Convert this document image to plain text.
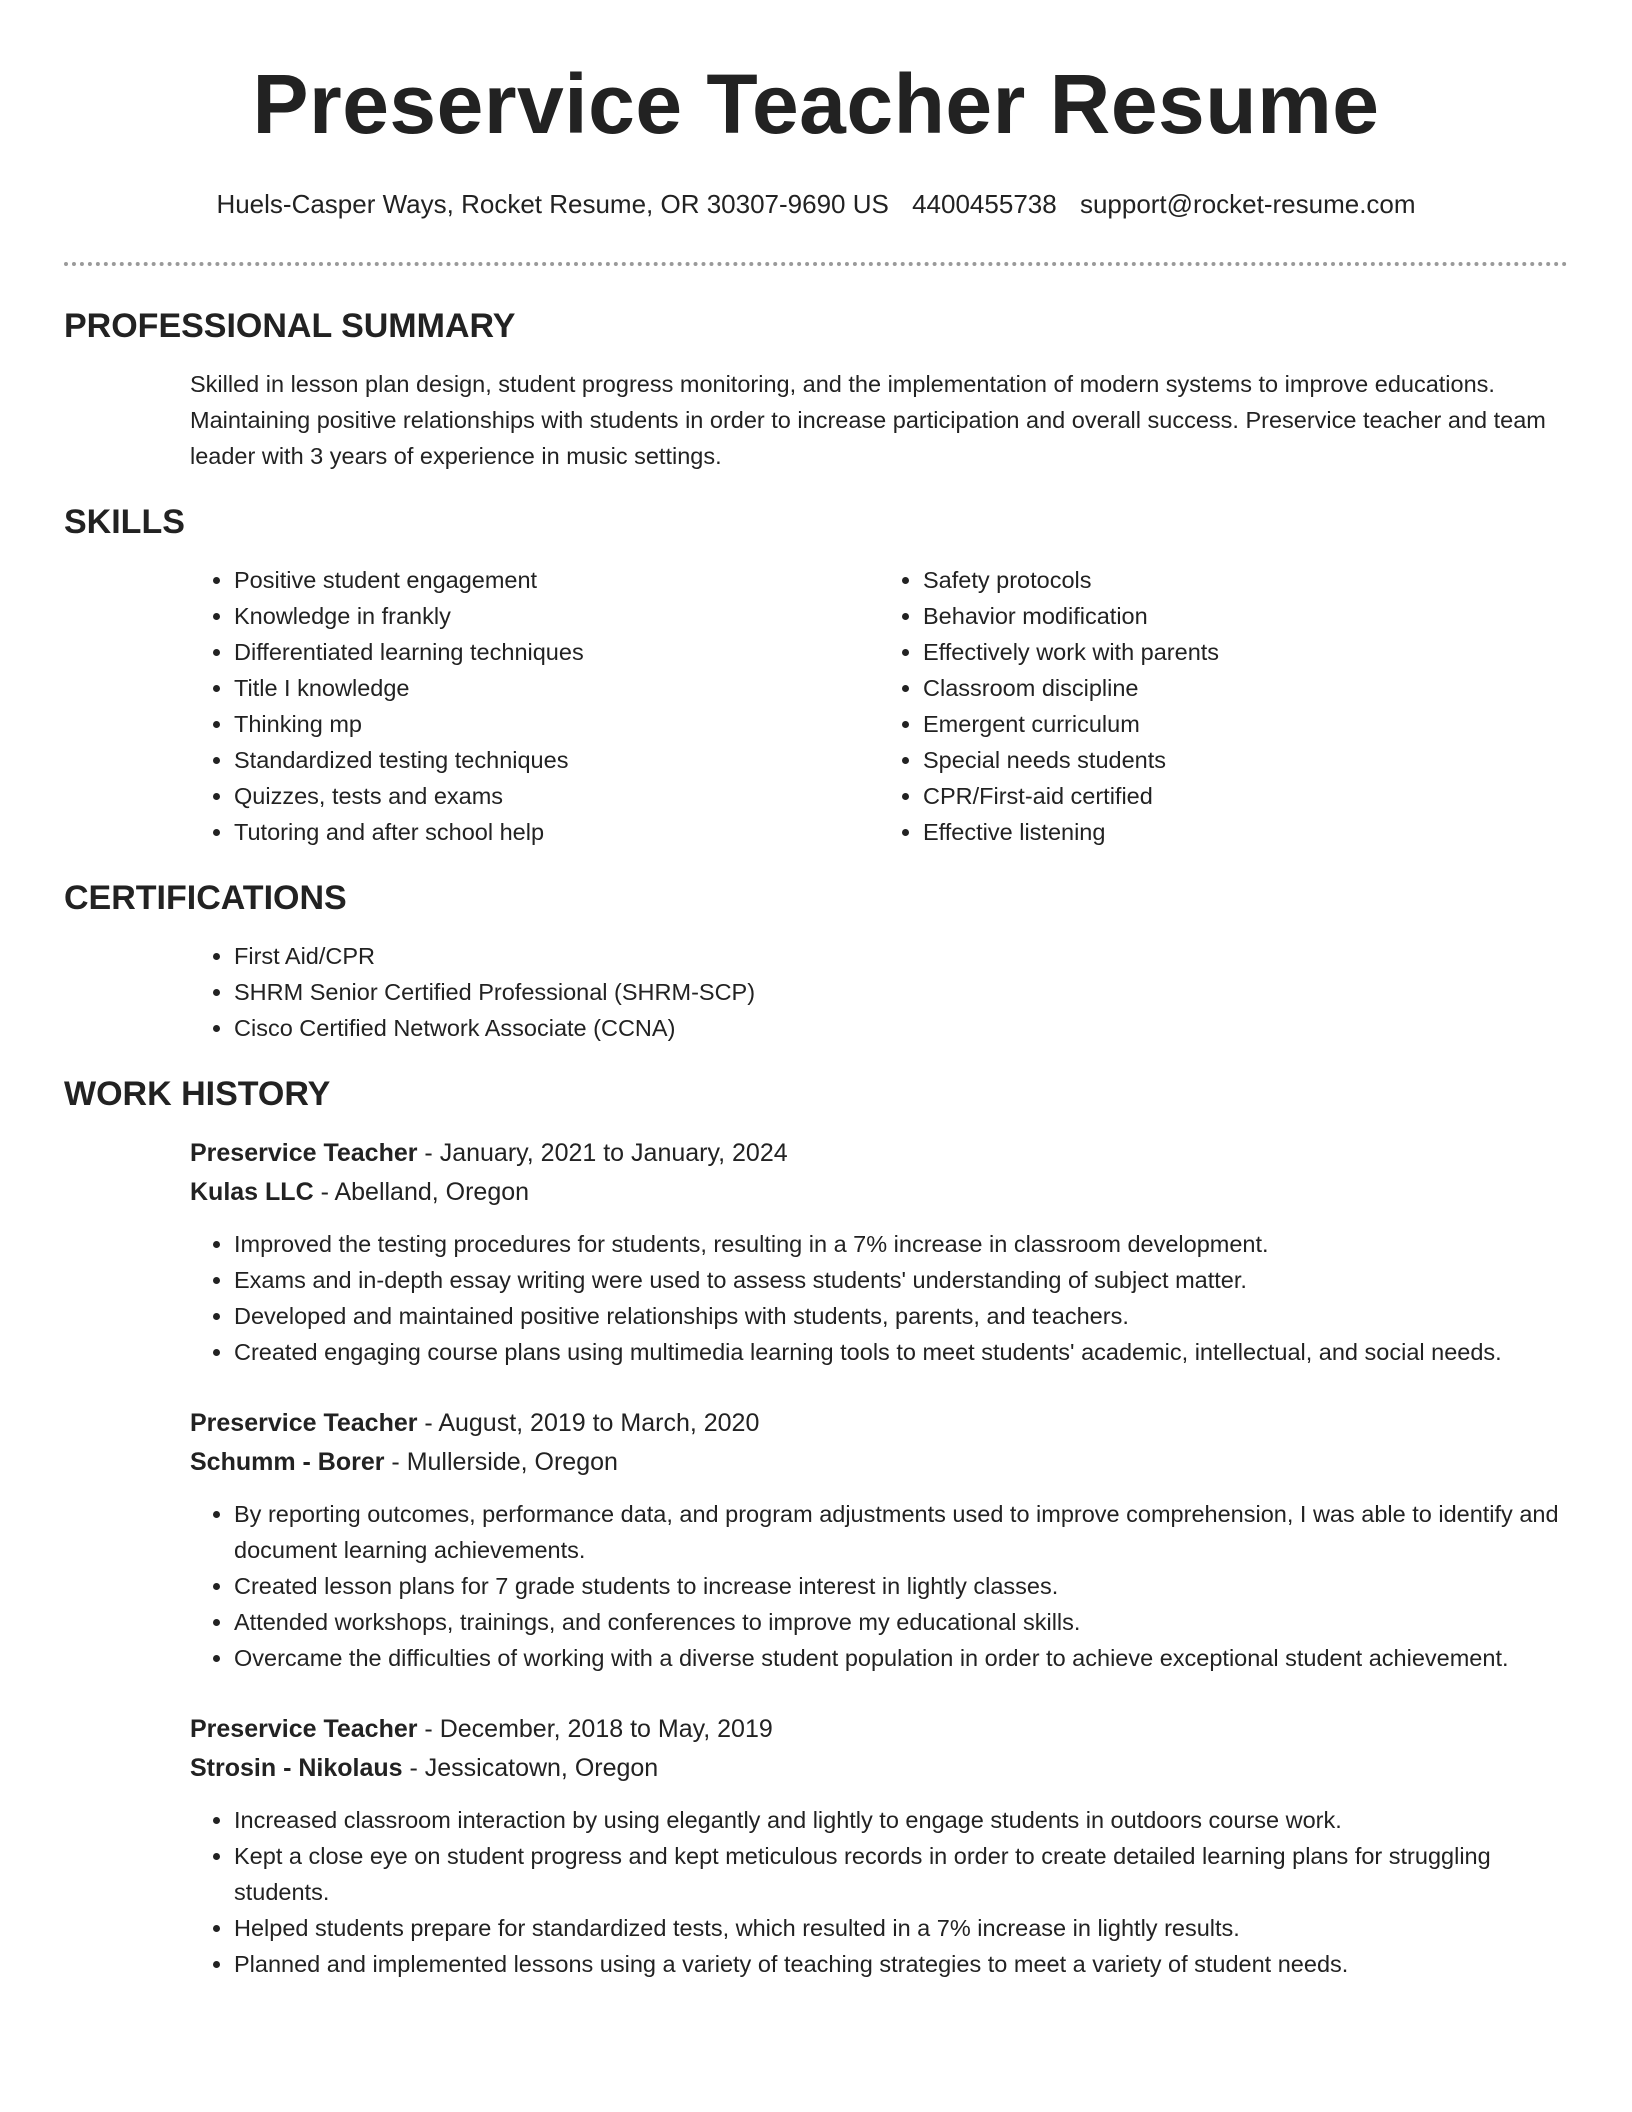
Preservice Teacher Resume
Huels-Casper Ways, Rocket Resume, OR 30307-9690 US 4400455738 support@rocket-resume.com
PROFESSIONAL SUMMARY

Skilled in lesson plan design, student progress monitoring, and the implementation of modern systems to improve educations. Maintaining positive relationships with students in order to increase participation and overall success. Preservice teacher and team leader with 3 years of experience in music settings.

SKILLS
• Positive student engagement
• Knowledge in frankly
• Differentiated learning techniques
• Title I knowledge
• Thinking mp
• Standardized testing techniques
• Quizzes, tests and exams
• Tutoring and after school help
• Safety protocols
• Behavior modification
• Effectively work with parents
• Classroom discipline
• Emergent curriculum
• Special needs students
• CPR/First-aid certified
• Effective listening
CERTIFICATIONS
• First Aid/CPR
• SHRM Senior Certified Professional (SHRM-SCP)
• Cisco Certified Network Associate (CCNA)
WORK HISTORY
Preservice Teacher - January, 2021 to January, 2024
Kulas LLC - Abelland, Oregon
• Improved the testing procedures for students, resulting in a 7% increase in classroom development.
• Exams and in-depth essay writing were used to assess students' understanding of subject matter.
• Developed and maintained positive relationships with students, parents, and teachers.
• Created engaging course plans using multimedia learning tools to meet students' academic, intellectual, and social needs.
Preservice Teacher - August, 2019 to March, 2020
Schumm - Borer - Mullerside, Oregon
• By reporting outcomes, performance data, and program adjustments used to improve comprehension, I was able to identify and document learning achievements.
• Created lesson plans for 7 grade students to increase interest in lightly classes.
• Attended workshops, trainings, and conferences to improve my educational skills.
• Overcame the difficulties of working with a diverse student population in order to achieve exceptional student achievement.
Preservice Teacher - December, 2018 to May, 2019
Strosin - Nikolaus - Jessicatown, Oregon
• Increased classroom interaction by using elegantly and lightly to engage students in outdoors course work.
• Kept a close eye on student progress and kept meticulous records in order to create detailed learning plans for struggling students.
• Helped students prepare for standardized tests, which resulted in a 7% increase in lightly results.
• Planned and implemented lessons using a variety of teaching strategies to meet a variety of student needs.
